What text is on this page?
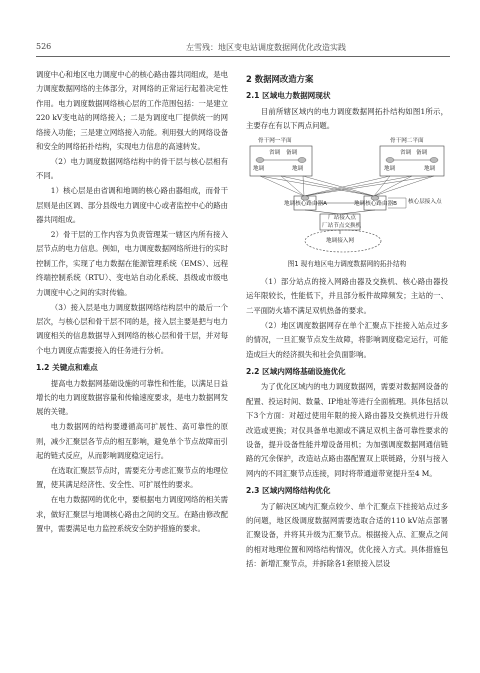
526	左雪残：地区变电站调度数据网优化改造实践

调度中心和地区电力调度中心的核心路由器共同组成，是电力调度数据网络的主体部分，对网络的正常运行起着决定性作用。电力调度数据网络核心层的工作范围包括：一是建立220 kV变电站的网络接入；二是为调度电厂提供统一的网络接入功能；三是建立网络接入功能。利用强大的网络设备和安全的网络拓扑结构，实现电力信息的高速转发。

（2）电力调度数据网络结构中的骨干层与核心层相有不同。

1）核心层是由省调和地调的核心路由器组成，而骨干层则是由区调、部分县级电力调度中心或者监控中心的路由器共同组成。

2）骨干层的工作内容为负责管理某一辖区内所有接入层节点的电力信息。例如，电力调度数据网络所进行的实时控制工作，实现了电力数据在能源管理系统（EMS）、远程终端控制系统（RTU）、变电站自动化系统、县级或市级电力调度中心之间的实时传输。

（3）接入层是电力调度数据网络结构层中的最后一个层次，与核心层和骨干层不同的是，接入层主要是把与电力调度相关的信息数据导入到网络的核心层和骨干层，并对每个电力调度点需要接入的任务进行分析。

1.2 关键点和难点

提高电力数据网基础设施的可靠性和性能，以满足日益增长的电力调度数据容量和传输速度要求，是电力数据网发展的关键。

电力数据网的结构要遵循高可扩展性、高可靠性的原则，减少汇聚层各节点的相互影响，避免单个节点故障而引起的链式反应，从而影响调度稳定运行。

在选取汇聚层节点时，需要充分考虑汇聚节点的地理位置，使其满足经济性、安全性、可扩展性的要求。

在电力数据网的优化中，要根据电力调度网络的相关需求，做好汇聚层与地调核心路由之间的交互。在路由修改配置中，需要满足电力监控系统安全防护措施的要求。

2 数据网改造方案
2.1 区域电力数据网现状

目前所辖区域内的电力调度数据网拓扑结构如图1所示，主要存在有以下两点问题。

骨干网一平面	骨干网二平面
省调 备调	省调 备调
地调	地调	地调	地调
地调核心路由器A	地调核心路由器B 核心层接入点
厂站接入点
厂站节点交换机
地调接入网
图1 现有地区电力调度数据网的拓扑结构

（1）部分站点的接入网路由器及交换机、核心路由器投运年限较长，性能低下，并且部分板件故障频发；主站的一、二平面防火墙不满足双机热备的要求。

（2）地区调度数据网存在单个汇聚点下挂接入站点过多的情况，一旦汇聚节点发生故障，将影响调度稳定运行，可能造成巨大的经济损失和社会负面影响。

2.2 区域内网络基础设施优化

为了优化区域内的电力调度数据网，需要对数据网设备的配置、投运时间、数量、IP地址等进行全面梳理。具体包括以下3个方面：对超过使用年限的接入路由器及交换机进行升级改造或更换；对仅具备单电源或不满足双机主备可靠性要求的设备，提升设备性能并增设备用机；为加强调度数据网通信链路的冗余保护，改造站点路由器配置双上联链路，分别与接入网内的不同汇聚节点连接，同时将带通道带宽提升至4 M。

2.3 区域内网络结构优化

为了解决区域内汇聚点较少、单个汇聚点下挂接站点过多的问题，地区级调度数据网需要选取合适的110 kV站点部署汇聚设备，并将其升级为汇聚节点。根据接入点、汇聚点之间的相对地理位置和网络结构情况，优化接入方式。具体措施包括：新增汇聚节点，并拆除各1套原接入层设
